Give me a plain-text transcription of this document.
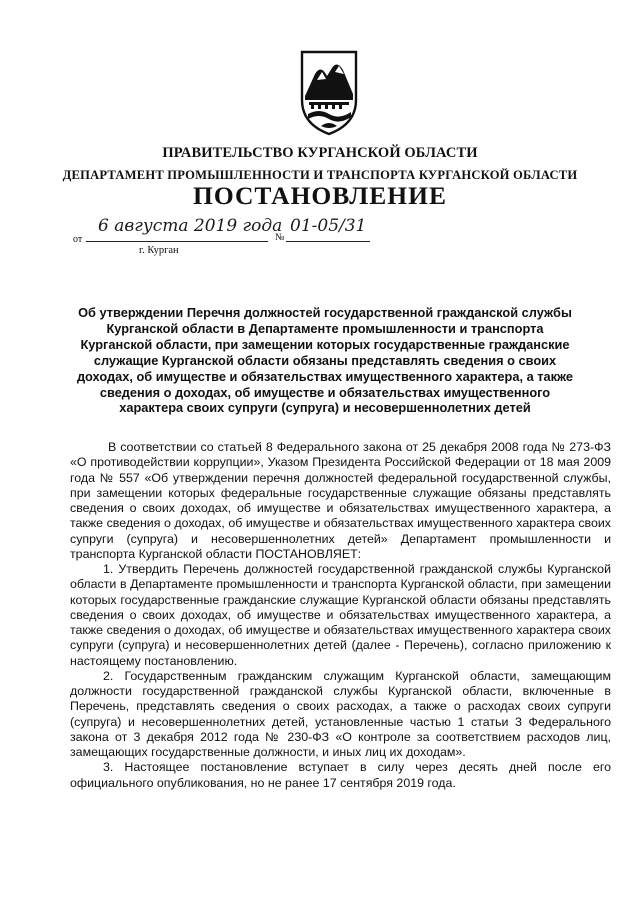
ПРАВИТЕЛЬСТВО КУРГАНСКОЙ ОБЛАСТИ
ДЕПАРТАМЕНТ ПРОМЫШЛЕННОСТИ И ТРАНСПОРТА КУРГАНСКОЙ ОБЛАСТИ
ПОСТАНОВЛЕНИЕ
от
6 августа 2019 года
№
01-05/31
г. Курган
Об утверждении Перечня должностей государственной гражданской службы Курганской области в Департаменте промышленности и транспорта Курганской области, при замещении которых государственные гражданские служащие Курганской области обязаны представлять сведения о своих доходах, об имуществе и обязательствах имущественного характера, а также сведения о доходах, об имуществе и обязательствах имущественного характера своих супруги (супруга) и несовершеннолетних детей

В соответствии со статьей 8 Федерального закона от 25 декабря 2008 года № 273-ФЗ «О противодействии коррупции», Указом Президента Российской Федерации от 18 мая 2009 года № 557 «Об утверждении перечня должностей федеральной государственной службы, при замещении которых федеральные государственные служащие обязаны представлять сведения о своих доходах, об имуществе и обязательствах имущественного характера, а также сведения о доходах, об имуществе и обязательствах имущественного характера своих супруги (супруга) и несовершеннолетних детей» Департамент промышленности и транспорта Курганской области ПОСТАНОВЛЯЕТ:

1. Утвердить Перечень должностей государственной гражданской службы Курганской области в Департаменте промышленности и транспорта Курганской области, при замещении которых государственные гражданские служащие Курганской области обязаны представлять сведения о своих доходах, об имуществе и обязательствах имущественного характера, а также сведения о доходах, об имуществе и обязательствах имущественного характера своих супруги (супруга) и несовершеннолетних детей (далее - Перечень), согласно приложению к настоящему постановлению.

2. Государственным гражданским служащим Курганской области, замещающим должности государственной гражданской службы Курганской области, включенные в Перечень, представлять сведения о своих расходах, а также о расходах своих супруги (супруга) и несовершеннолетних детей, установленные частью 1 статьи 3 Федерального закона от 3 декабря 2012 года № 230-ФЗ «О контроле за соответствием расходов лиц, замещающих государственные должности, и иных лиц их доходам».

3. Настоящее постановление вступает в силу через десять дней после его официального опубликования, но не ранее 17 сентября 2019 года.
